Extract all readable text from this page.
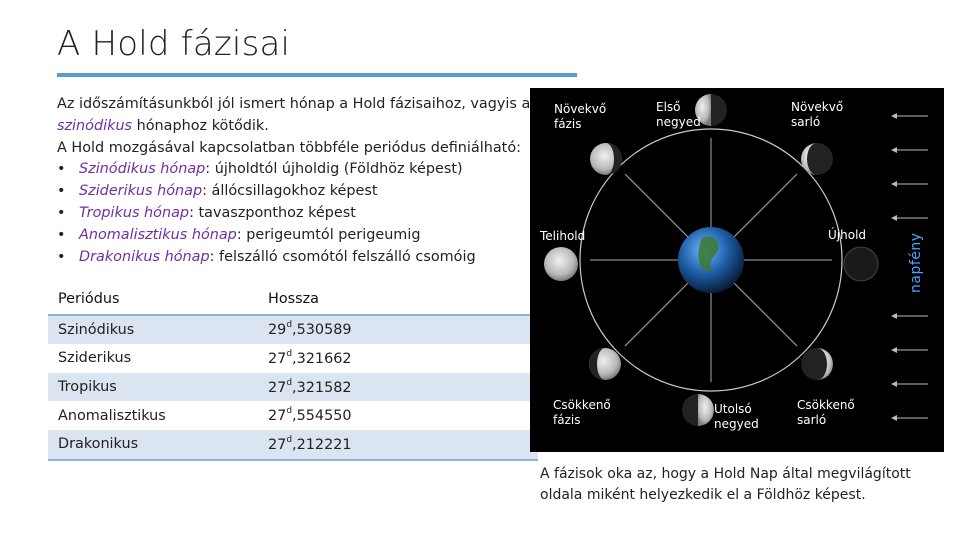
A Hold fázisai

Az időszámításunkból jól ismert hónap a Hold fázisaihoz, vagyis a

szinódikus hónaphoz kötődik.

A Hold mozgásával kapcsolatban többféle periódus definiálható:

• Szinódikus hónap: újholdtól újholdig (Földhöz képest)
• Sziderikus hónap: állócsillagokhoz képest
• Tropikus hónap: tavaszponthoz képest
• Anomalisztikus hónap: perigeumtól perigeumig
• Drakonikus hónap: felszálló csomótól felszálló csomóig
Periódus	Hossza
Szinódikus	29$^d$,530589
Sziderikus	27$^d$,321662
Tropikus	27$^d$,321582
Anomalisztikus	27$^d$,554550
Drakonikus	27$^d$,212221
Növekvő
fázis
Első
negyed
Növekvő
sarló
Telihold	Újhold
Csökkenő
fázis
Utolsó
negyed
Csökkenő
sarló
napfény
A fázisok oka az, hogy a Hold Nap által megvilágított oldala miként helyezkedik el a Földhöz képest.
